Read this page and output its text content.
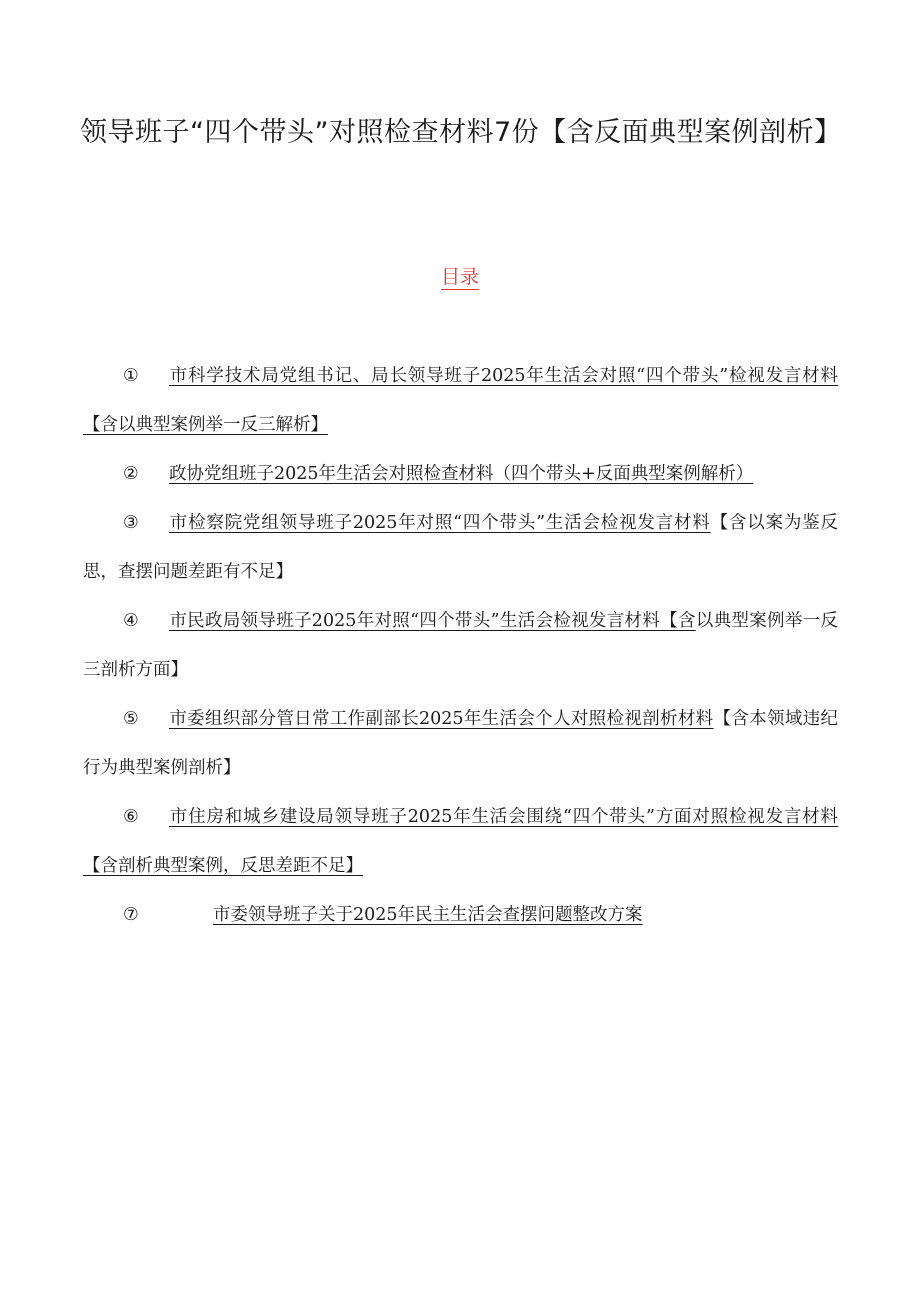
领导班子“四个带头”对照检查材料7份【含反面典型案例剖析】
目录
① 市科学技术局党组书记、局长领导班子2025年生活会对照“四个带头”检视发言材料【含以典型案例举一反三解析】
② 政协党组班子2025年生活会对照检查材料（四个带头+反面典型案例解析）
③ 市检察院党组领导班子2025年对照“四个带头”生活会检视发言材料【含以案为鉴反思，查摆问题差距有不足】
④ 市民政局领导班子2025年对照“四个带头”生活会检视发言材料【含以典型案例举一反三剖析方面】
⑤ 市委组织部分管日常工作副部长2025年生活会个人对照检视剖析材料【含本领域违纪行为典型案例剖析】
⑥ 市住房和城乡建设局领导班子2025年生活会围绕“四个带头”方面对照检视发言材料【含剖析典型案例，反思差距不足】
⑦	市委领导班子关于2025年民主生活会查摆问题整改方案
